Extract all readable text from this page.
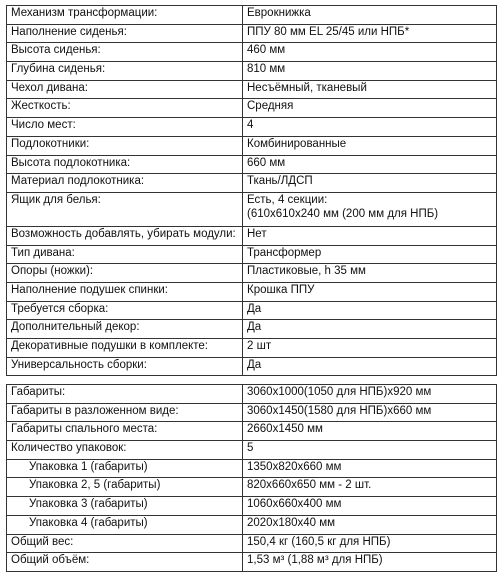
Механизм трансформации:	Еврокнижка
Наполнение сиденья:	ППУ 80 мм EL 25/45 или НПБ*
Высота сиденья:	460 мм
Глубина сиденья:	810 мм
Чехол дивана:	Несъёмный, тканевый
Жесткость:	Средняя
Число мест:	4
Подлокотники:	Комбинированные
Высота подлокотника:	660 мм
Материал подлокотника:	Ткань/ЛДСП
Ящик для белья:	Есть, 4 секции:
(610х610х240 мм (200 мм для НПБ)

Возможность добавлять, убирать модули:	Нет
Тип дивана:	Трансформер
Опоры (ножки):	Пластиковые, h 35 мм
Наполнение подушек спинки:	Крошка ППУ
Требуется сборка:	Да
Дополнительный декор:	Да
Декоративные подушки в комплекте:	2 шт
Универсальность сборки:	Да
Габариты:	3060х1000(1050 для НПБ)х920 мм
Габариты в разложенном виде:	3060х1450(1580 для НПБ)х660 мм
Габариты спального места:	2660х1450 мм
Количество упаковок:	5
Упаковка 1 (габариты)	1350х820х660 мм
Упаковка 2, 5 (габариты)	820х660х650 мм - 2 шт.
Упаковка 3 (габариты)	1060х660х400 мм
Упаковка 4 (габариты)	2020х180х40 мм
Общий вес:	150,4 кг (160,5 кг для НПБ)
Общий объём:	1,53 м³ (1,88 м³ для НПБ)
